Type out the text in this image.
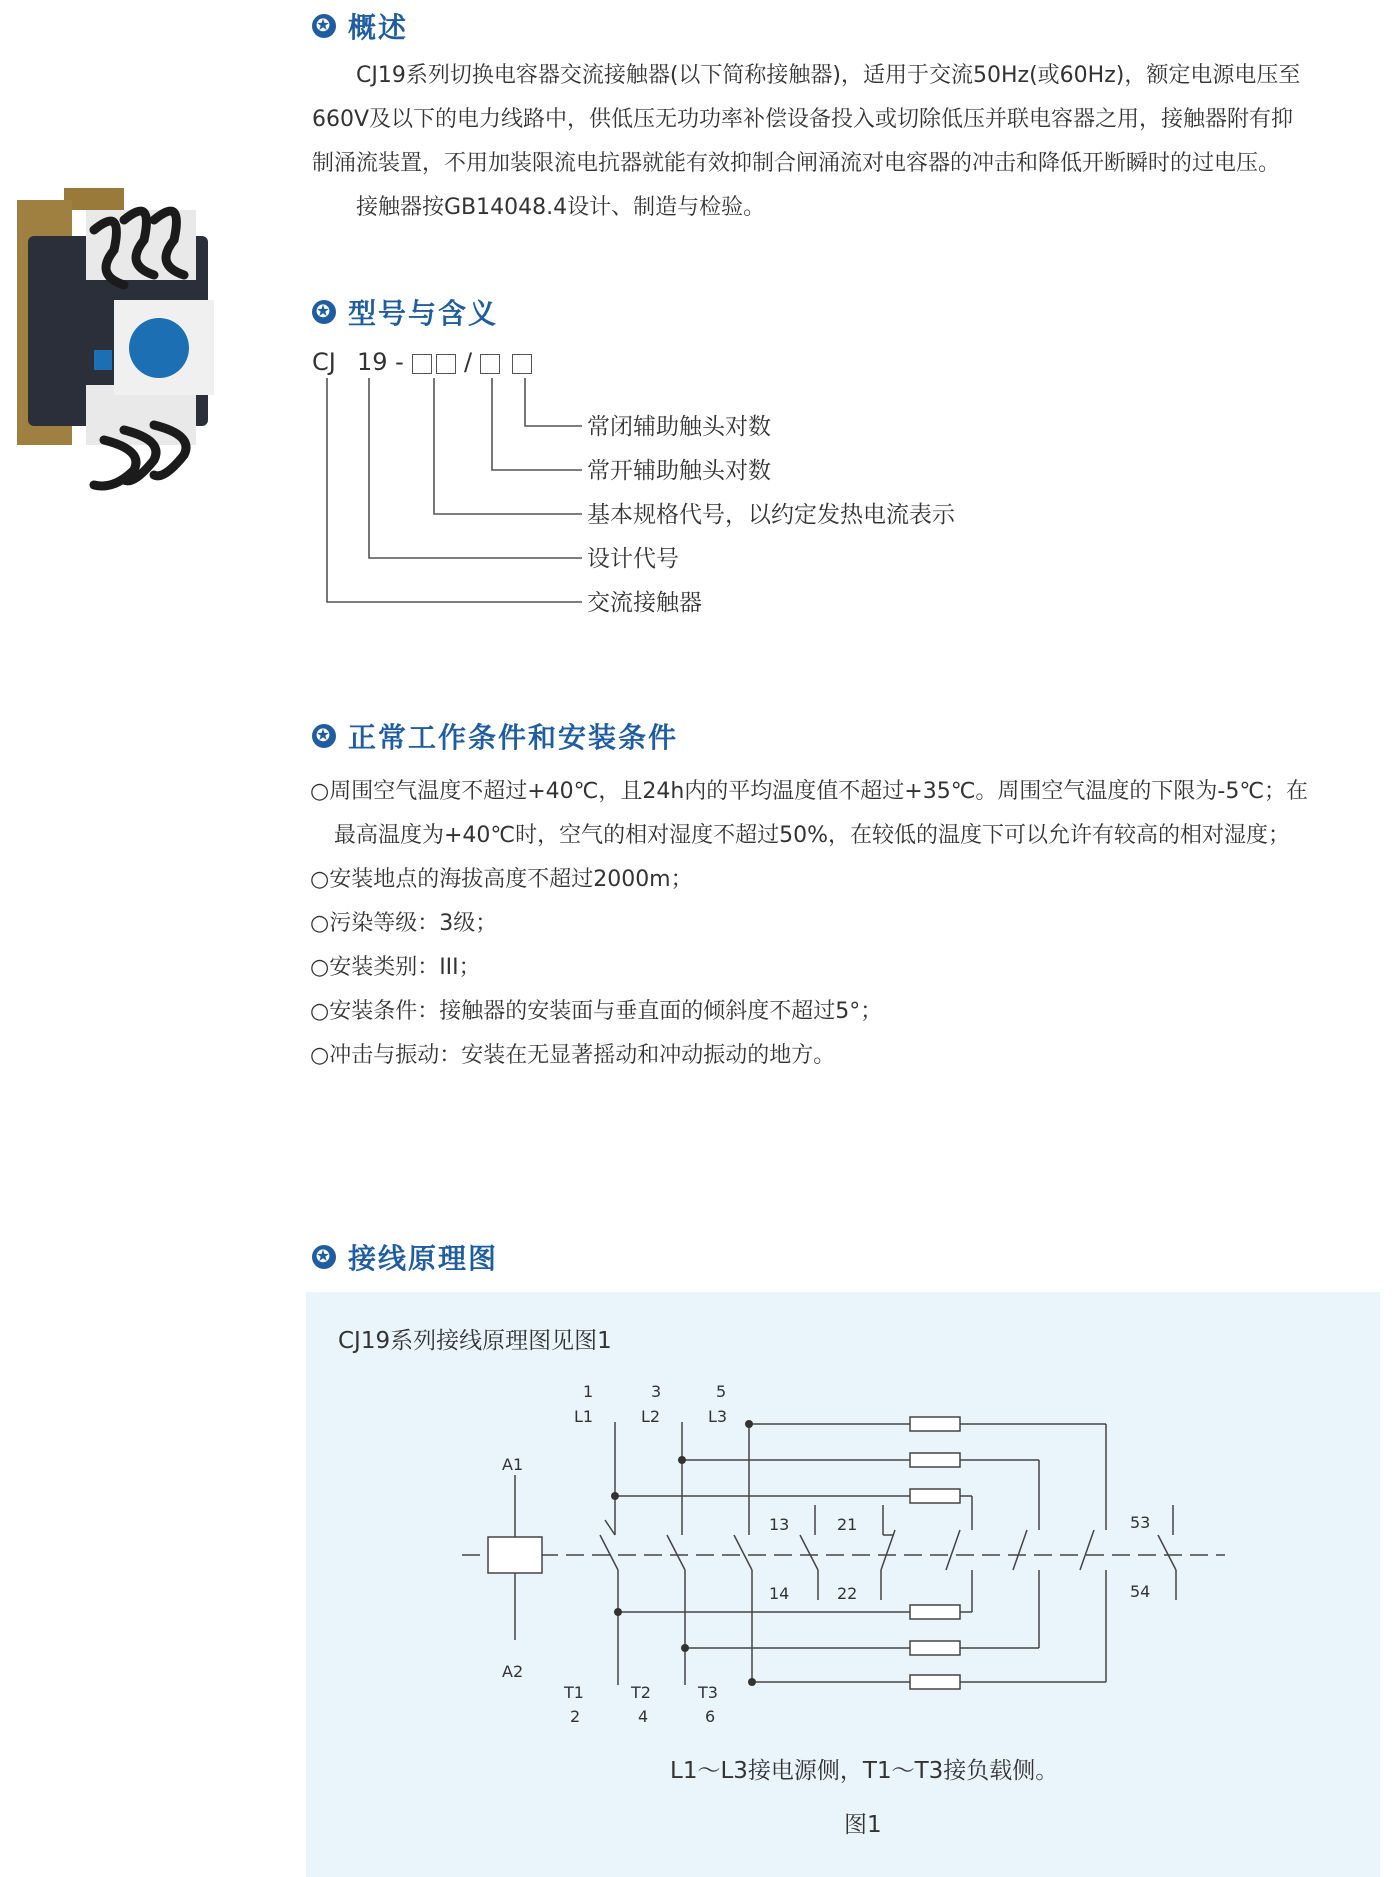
✪ 概述
CJ19系列切换电容器交流接触器(以下简称接触器)，适用于交流50Hz(或60Hz)，额定电源电压至
660V及以下的电力线路中，供低压无功功率补偿设备投入或切除低压并联电容器之用，接触器附有抑
制涌流装置，不用加装限流电抗器就能有效抑制合闸涌流对电容器的冲击和降低开断瞬时的过电压。
接触器按GB14048.4设计、制造与检验。
✪ 型号与含义
CJ 19 -	/
常闭辅助触头对数
常开辅助触头对数
基本规格代号，以约定发热电流表示
设计代号
交流接触器
✪ 正常工作条件和安装条件
○周围空气温度不超过+40℃，且24h内的平均温度值不超过+35℃。周围空气温度的下限为-5℃；在
最高温度为+40℃时，空气的相对湿度不超过50%，在较低的温度下可以允许有较高的相对湿度；
○安装地点的海拔高度不超过2000m；
○污染等级：3级；
○安装类别：III；
○安装条件：接触器的安装面与垂直面的倾斜度不超过5°；
○冲击与振动：安装在无显著摇动和冲动振动的地方。
✪ 接线原理图
CJ19系列接线原理图见图1
1
L1
3
L2
5
L3
A1
A2
13	21
14	22
53
54
T1	T2	T3
2	4	6
L1～L3接电源侧，T1～T3接负载侧。
图1
